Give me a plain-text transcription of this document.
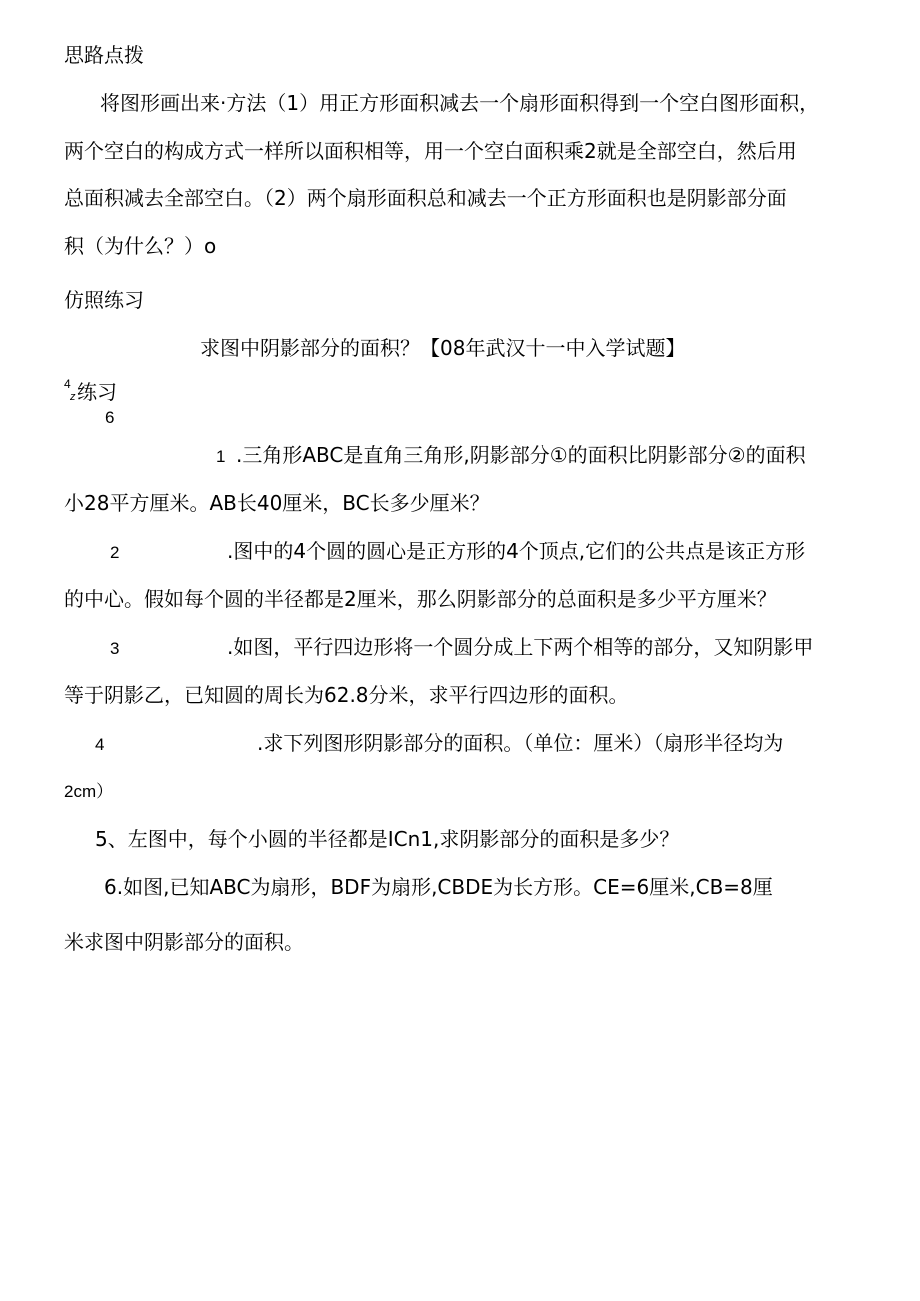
思路点拨
将图形画出来·方法（1）用正方形面积减去一个扇形面积得到一个空白图形面积，
两个空白的构成方式一样所以面积相等，用一个空白面积乘2就是全部空白，然后用
总面积减去全部空白。（2）两个扇形面积总和减去一个正方形面积也是阴影部分面
积（为什么？）o
仿照练习
求图中阴影部分的面积？【08年武汉十一中入学试题】
4
z 练习
6
1 .三角形ABC是直角三角形,阴影部分①的面积比阴影部分②的面积
小28平方厘米。AB长40厘米，BC长多少厘米？
2	.图中的4个圆的圆心是正方形的4个顶点,它们的公共点是该正方形
的中心。假如每个圆的半径都是2厘米，那么阴影部分的总面积是多少平方厘米？
3	.如图，平行四边形将一个圆分成上下两个相等的部分，又知阴影甲
等于阴影乙，已知圆的周长为62.8分米，求平行四边形的面积。
4	.求下列图形阴影部分的面积。（单位：厘米）（扇形半径均为
2cm）
5、左图中，每个小圆的半径都是ICn1,求阴影部分的面积是多少？
6.如图,已知ABC为扇形，BDF为扇形,CBDE为长方形。CE=6厘米,CB=8厘
米求图中阴影部分的面积。
